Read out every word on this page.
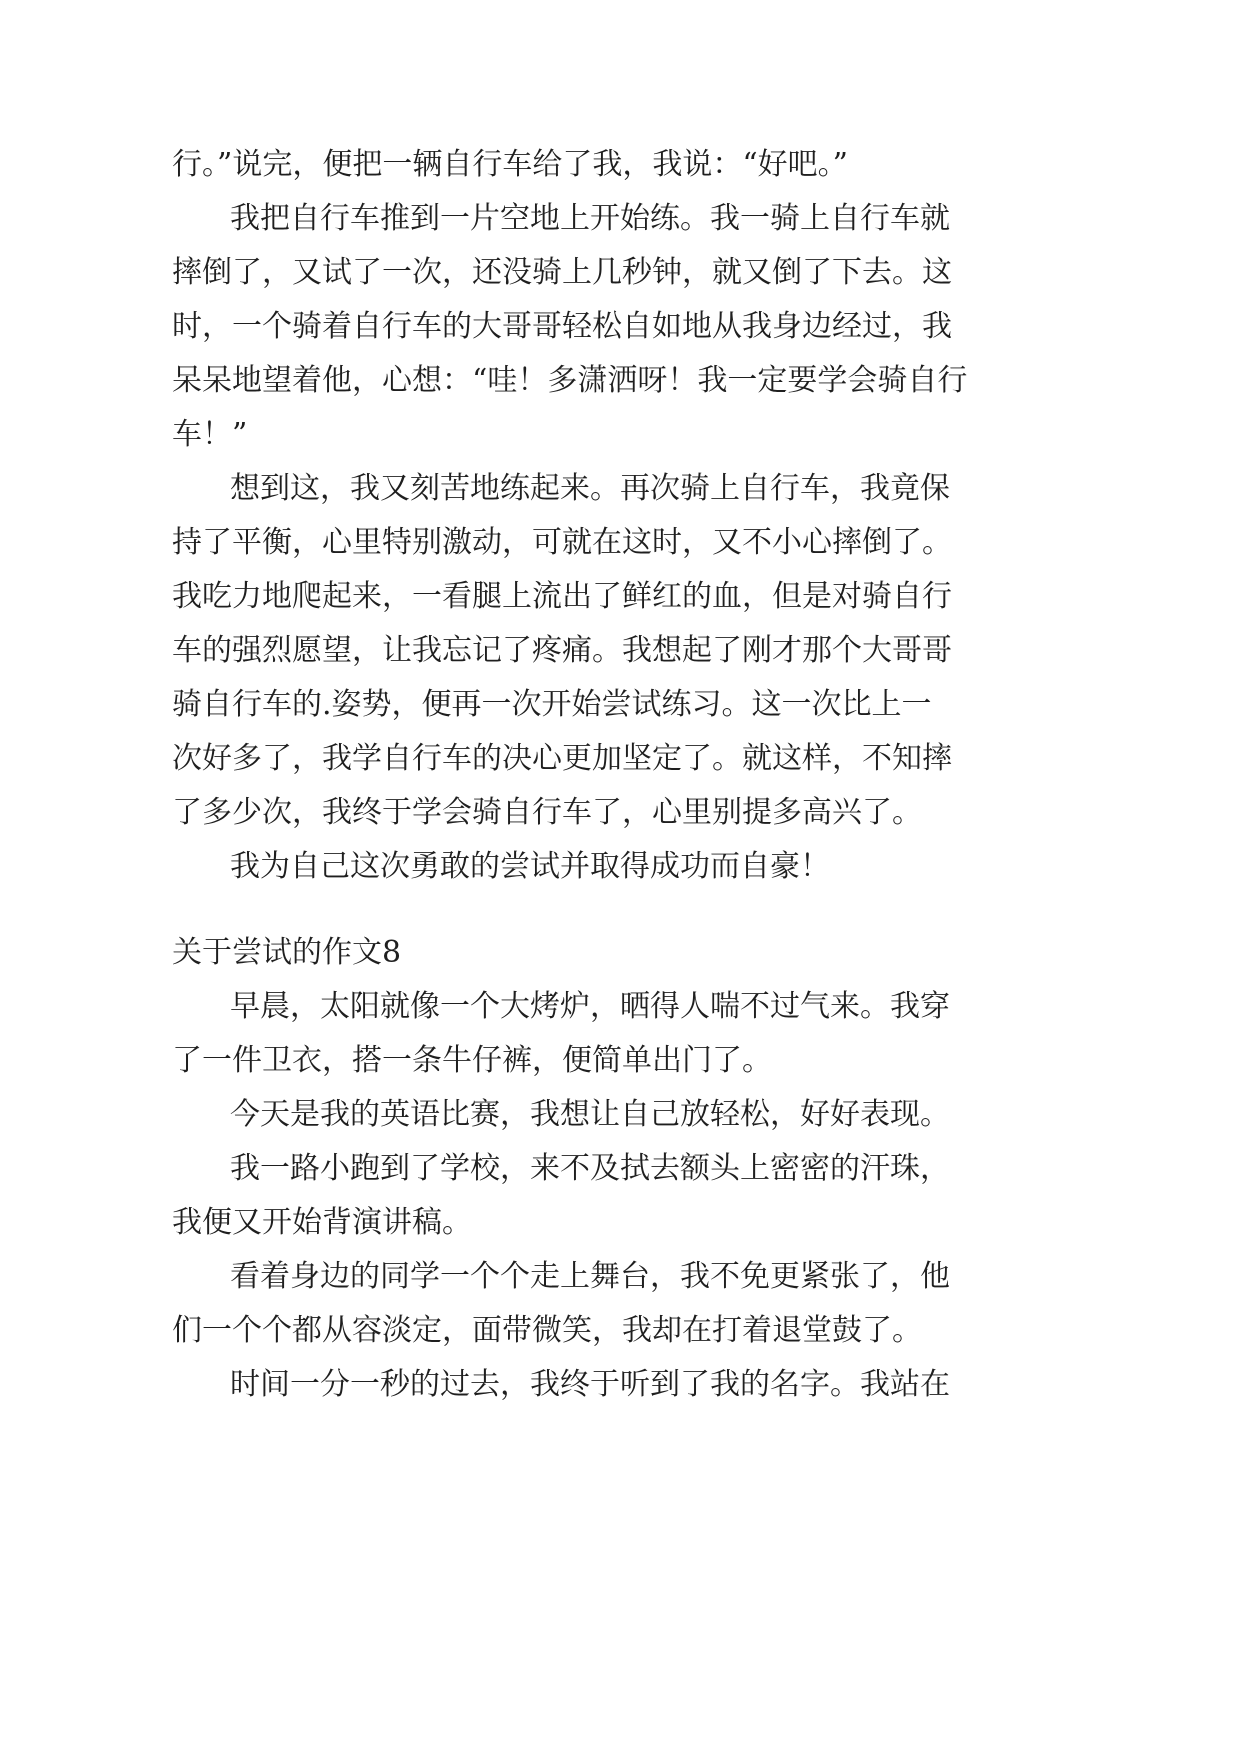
行。”说完，便把一辆自行车给了我，我说：“好吧。”
我把自行车推到一片空地上开始练。我一骑上自行车就
摔倒了，又试了一次，还没骑上几秒钟，就又倒了下去。这
时，一个骑着自行车的大哥哥轻松自如地从我身边经过，我
呆呆地望着他，心想：“哇！多潇洒呀！我一定要学会骑自行
车！”
想到这，我又刻苦地练起来。再次骑上自行车，我竟保
持了平衡，心里特别激动，可就在这时，又不小心摔倒了。
我吃力地爬起来，一看腿上流出了鲜红的血，但是对骑自行
车的强烈愿望，让我忘记了疼痛。我想起了刚才那个大哥哥
骑自行车的.姿势，便再一次开始尝试练习。这一次比上一
次好多了，我学自行车的决心更加坚定了。就这样，不知摔
了多少次，我终于学会骑自行车了，心里别提多高兴了。
我为自己这次勇敢的尝试并取得成功而自豪！
关于尝试的作文8
早晨，太阳就像一个大烤炉，晒得人喘不过气来。我穿
了一件卫衣，搭一条牛仔裤，便简单出门了。
今天是我的英语比赛，我想让自己放轻松，好好表现。
我一路小跑到了学校，来不及拭去额头上密密的汗珠，
我便又开始背演讲稿。
看着身边的同学一个个走上舞台，我不免更紧张了，他
们一个个都从容淡定，面带微笑，我却在打着退堂鼓了。
时间一分一秒的过去，我终于听到了我的名字。我站在
